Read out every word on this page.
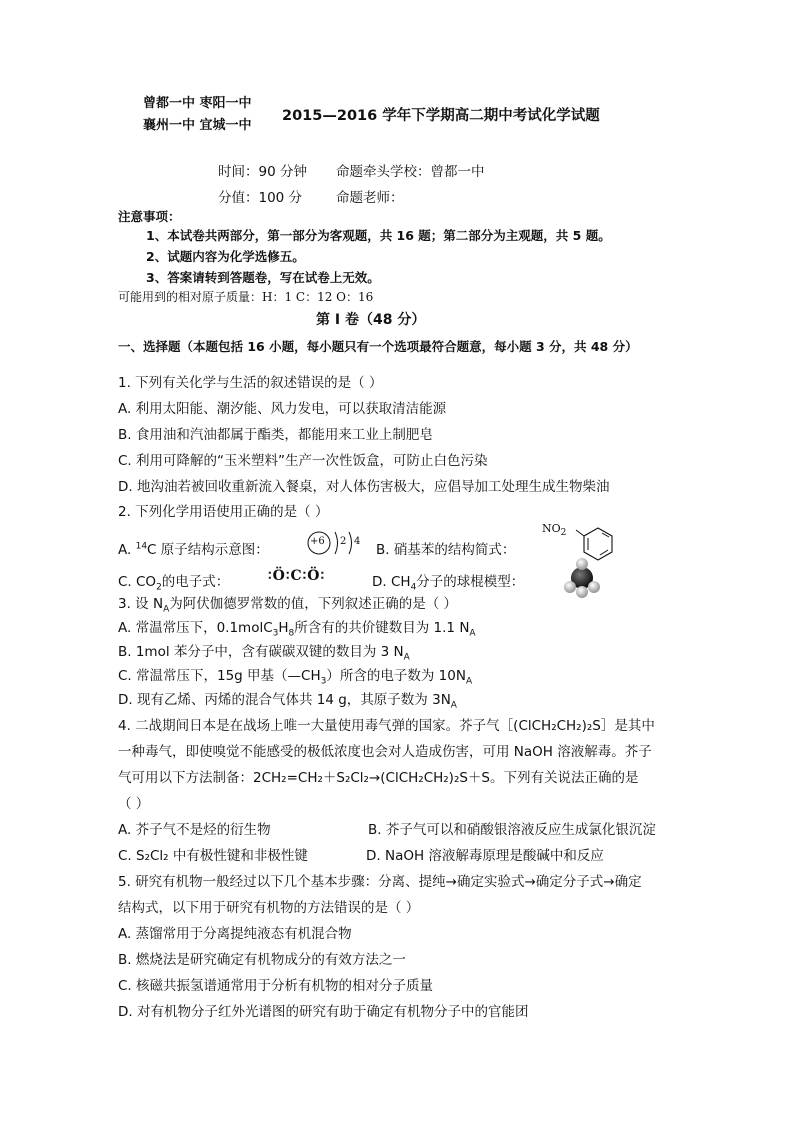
曾都一中 枣阳一中
襄州一中 宜城一中
2015—2016 学年下学期高二期中考试化学试题
时间：90 分钟 命题牵头学校：曾都一中
分值：100 分	命题老师：
注意事项：
1、本试卷共两部分，第一部分为客观题，共 16 题；第二部分为主观题，共 5 题。
2、试题内容为化学选修五。
3、答案请转到答题卷，写在试卷上无效。
可能用到的相对原子质量：H：1 C：12 O：16
第 I 卷（48 分）
一、选择题（本题包括 16 小题，每小题只有一个选项最符合题意，每小题 3 分，共 48 分）
1. 下列有关化学与生活的叙述错误的是（ ）
A. 利用太阳能、潮汐能、风力发电，可以获取清洁能源
B. 食用油和汽油都属于酯类，都能用来工业上制肥皂
C. 利用可降解的“玉米塑料”生产一次性饭盒，可防止白色污染
D. 地沟油若被回收重新流入餐桌，对人体伤害极大，应倡导加工处理生成生物柴油
2. 下列化学用语使用正确的是（ ）
A. $^{14}$C 原子结构示意图：
+6 2 4
B. 硝基苯的结构简式：
$NO_2$
C. $CO_2$的电子式：	∶Ö∶C∶Ö∶	D. $CH_4$分子的球棍模型：
3. 设 $N_A$为阿伏伽德罗常数的值，下列叙述正确的是（ ）
A. 常温常压下，$0.1molC_3H_8$所含有的共价键数目为 1.1 $N_A$
B. 1mol 苯分子中，含有碳碳双键的数目为 3 $N_A$
C. 常温常压下，15g 甲基$(—CH_3)$所含的电子数为 $10N_A$
D. 现有乙烯、丙烯的混合气体共 14 g，其原子数为 $3N_A$
4. 二战期间日本是在战场上唯一大量使用毒气弹的国家。芥子气［(ClCH₂CH₂)₂S］是其中
一种毒气，即使嗅觉不能感受的极低浓度也会对人造成伤害，可用 NaOH 溶液解毒。芥子
气可用以下方法制备：2CH₂=CH₂＋S₂Cl₂→(ClCH₂CH₂)₂S＋S。下列有关说法正确的是
（ ）
A. 芥子气不是烃的衍生物	B. 芥子气可以和硝酸银溶液反应生成氯化银沉淀
C. S₂Cl₂ 中有极性键和非极性键	D. NaOH 溶液解毒原理是酸碱中和反应
5. 研究有机物一般经过以下几个基本步骤：分离、提纯→确定实验式→确定分子式→确定
结构式，以下用于研究有机物的方法错误的是（ ）
A. 蒸馏常用于分离提纯液态有机混合物
B. 燃烧法是研究确定有机物成分的有效方法之一
C. 核磁共振氢谱通常用于分析有机物的相对分子质量
D. 对有机物分子红外光谱图的研究有助于确定有机物分子中的官能团
